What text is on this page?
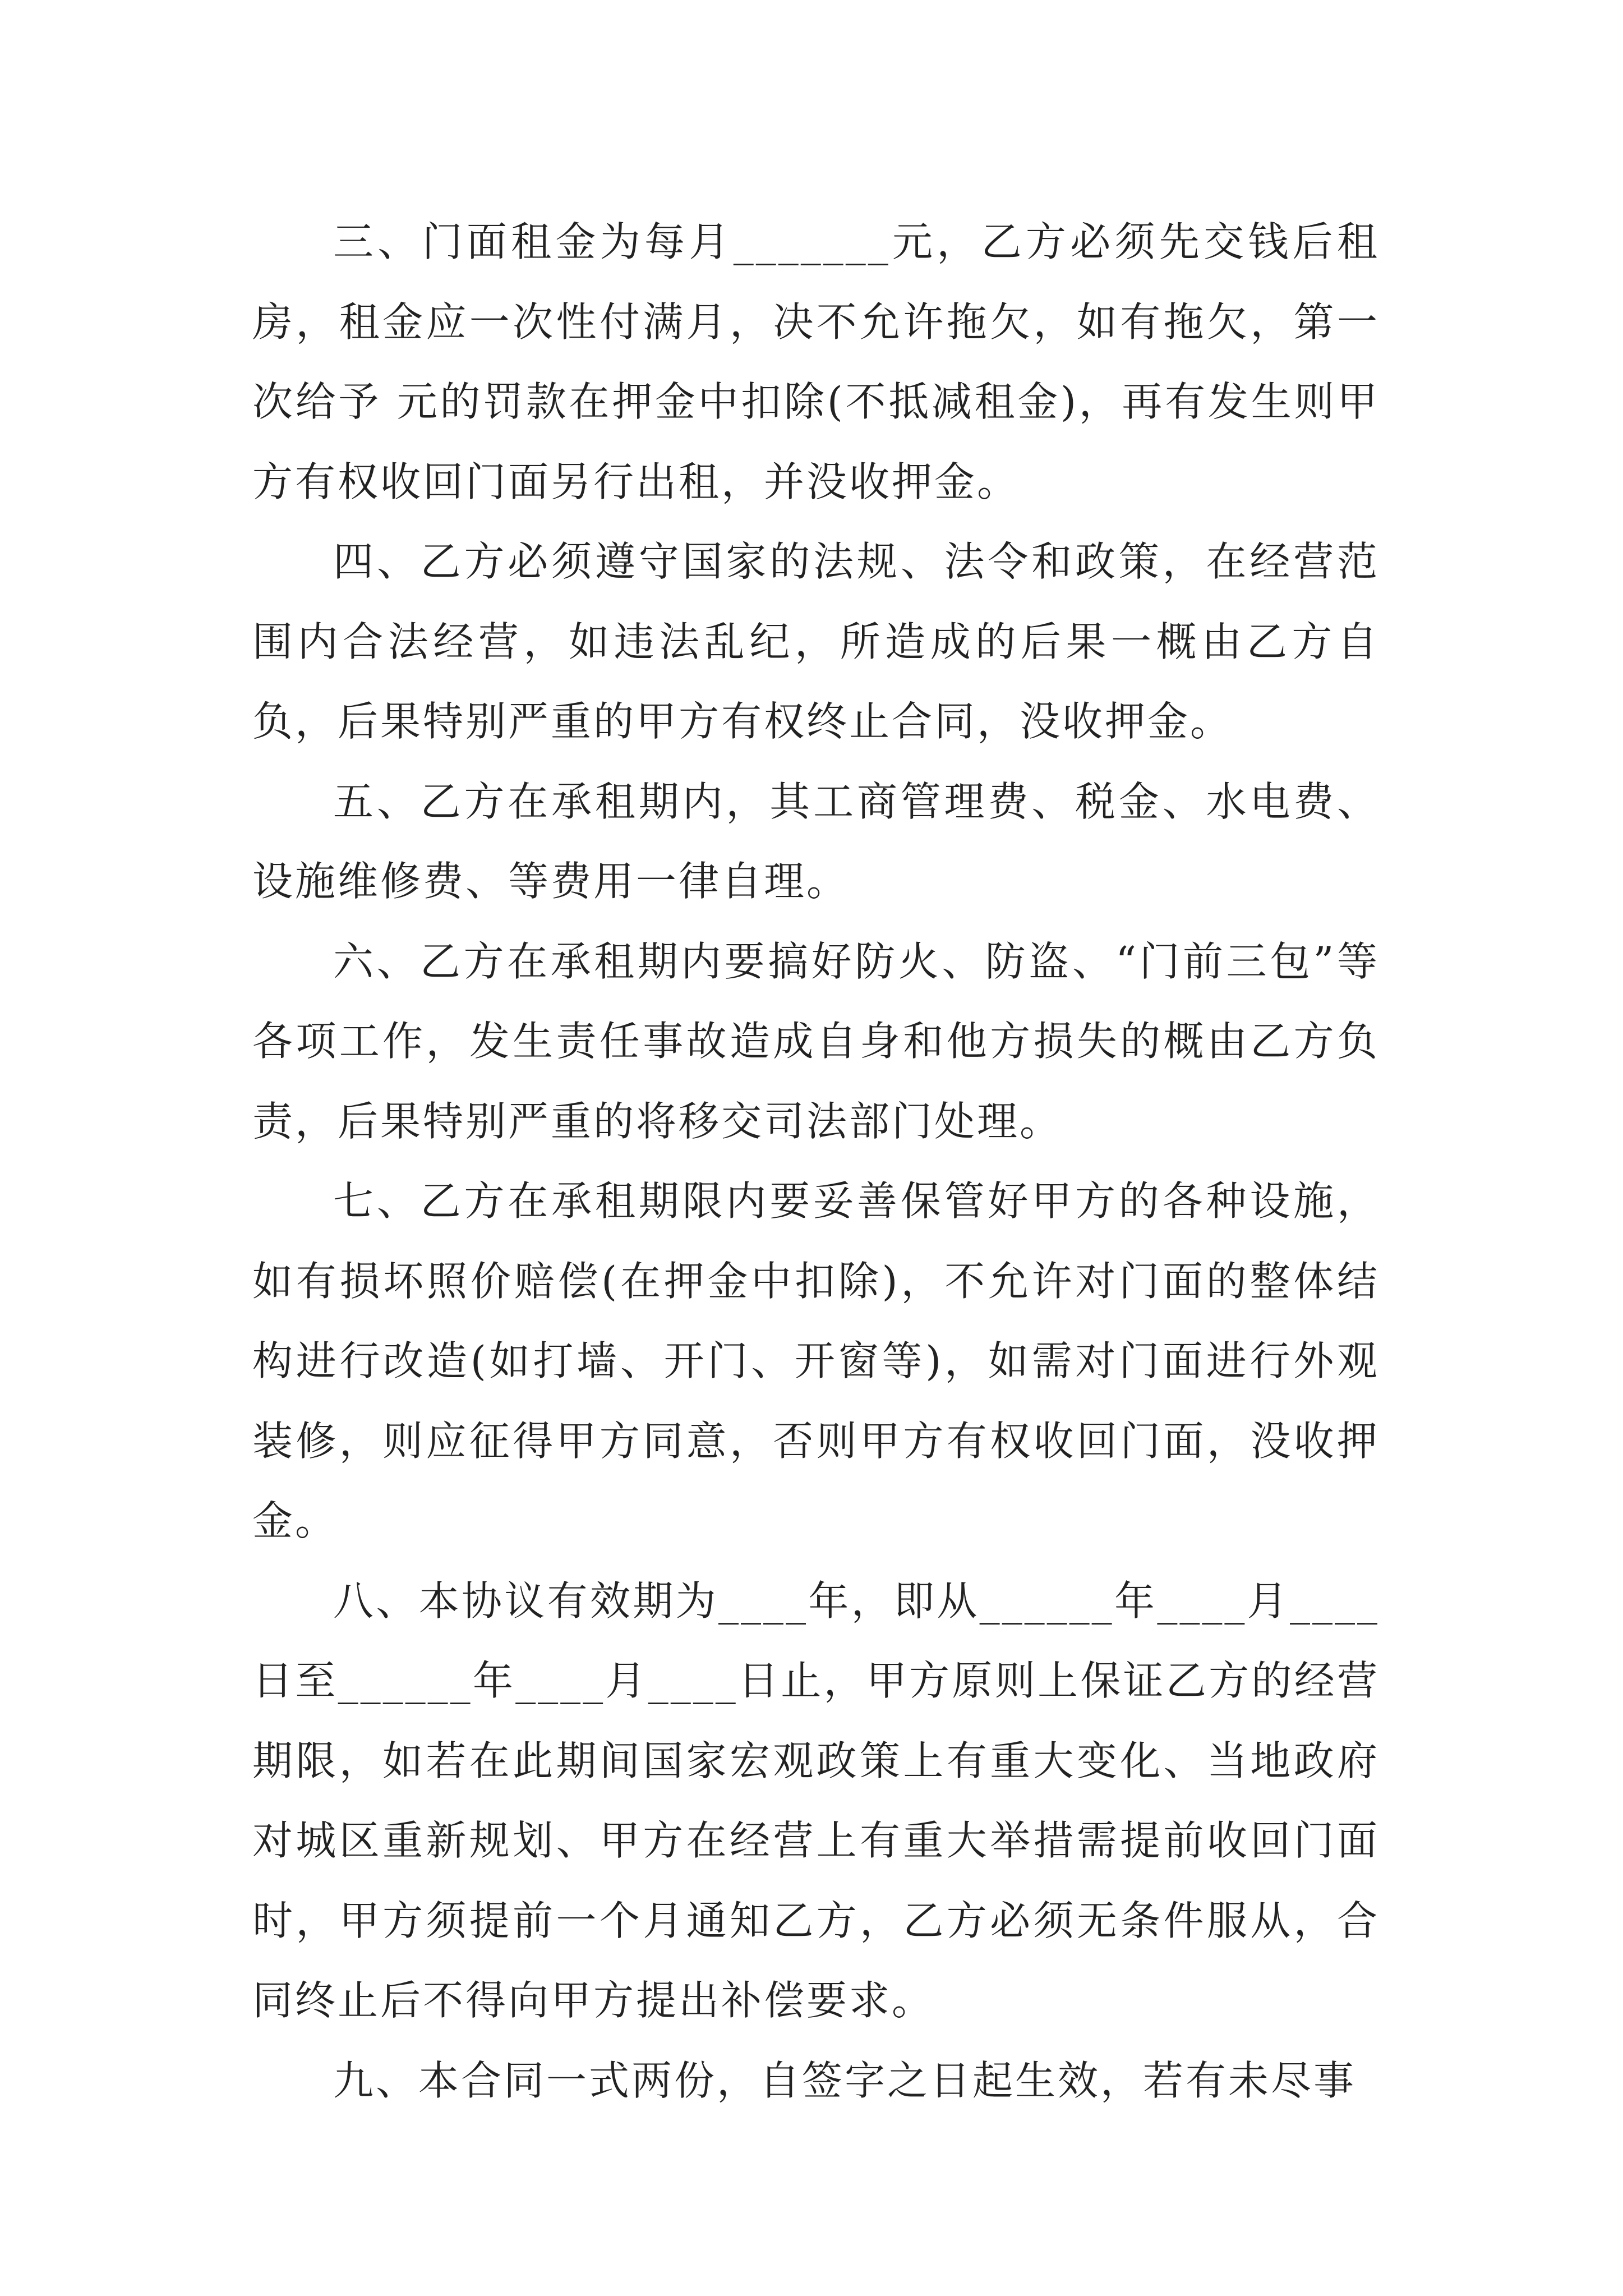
三、门面租金为每月_______元，乙方必须先交钱后租房，租金应一次性付满月，决不允许拖欠，如有拖欠，第一次给予 元的罚款在押金中扣除(不抵减租金)，再有发生则甲方有权收回门面另行出租，并没收押金。

四、乙方必须遵守国家的法规、法令和政策，在经营范围内合法经营，如违法乱纪，所造成的后果一概由乙方自负，后果特别严重的甲方有权终止合同，没收押金。

五、乙方在承租期内，其工商管理费、税金、水电费、设施维修费、等费用一律自理。

六、乙方在承租期内要搞好防火、防盗、“门前三包”等各项工作，发生责任事故造成自身和他方损失的概由乙方负责，后果特别严重的将移交司法部门处理。

七、乙方在承租期限内要妥善保管好甲方的各种设施，如有损坏照价赔偿(在押金中扣除)，不允许对门面的整体结构进行改造(如打墙、开门、开窗等)，如需对门面进行外观装修，则应征得甲方同意，否则甲方有权收回门面，没收押金。

八、本协议有效期为____年，即从______年____月____日至______年____月____日止，甲方原则上保证乙方的经营期限，如若在此期间国家宏观政策上有重大变化、当地政府对城区重新规划、甲方在经营上有重大举措需提前收回门面时，甲方须提前一个月通知乙方，乙方必须无条件服从，合同终止后不得向甲方提出补偿要求。

九、本合同一式两份，自签字之日起生效，若有未尽事
